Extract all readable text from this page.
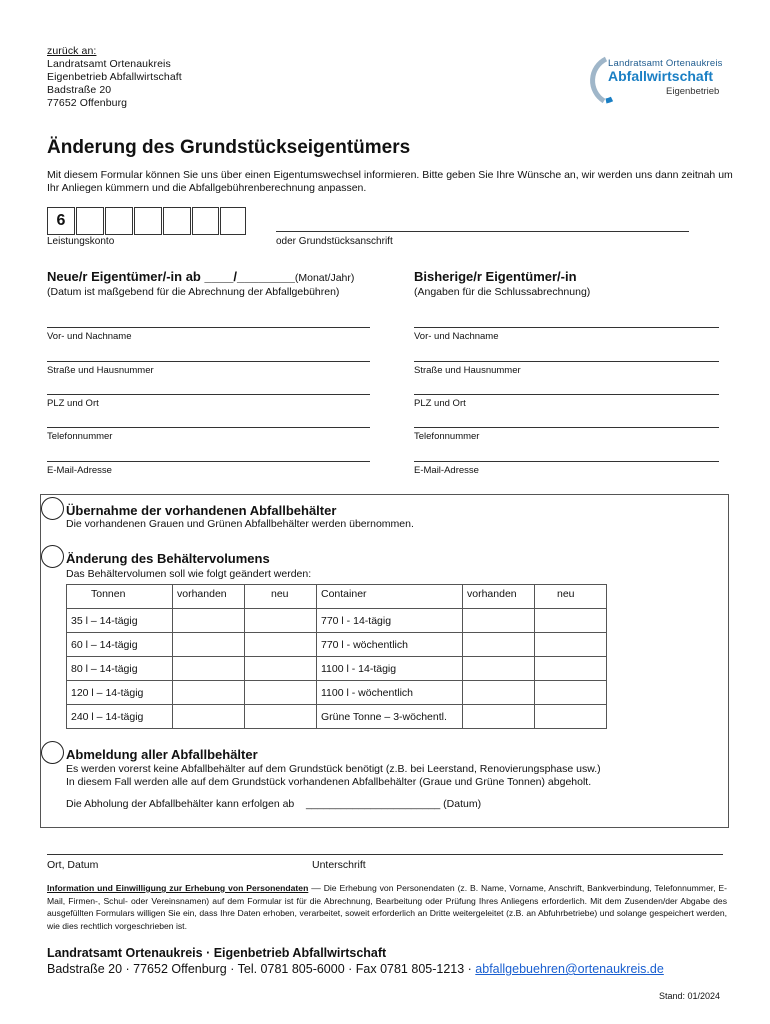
zurück an:
Landratsamt Ortenaukreis
Eigenbetrieb Abfallwirtschaft
Badstraße 20
77652 Offenburg
Landratsamt Ortenaukreis
Abfallwirtschaft
Eigenbetrieb
Änderung des Grundstückseigentümers
Mit diesem Formular können Sie uns über einen Eigentumswechsel informieren. Bitte geben Sie Ihre Wünsche an, wir werden uns dann zeitnah um Ihr Anliegen kümmern und die Abfallgebührenberechnung anpassen.
6
Leistungskonto	oder Grundstücksanschrift
Neue/r Eigentümer/-in ab ____/________(Monat/Jahr)
(Datum ist maßgebend für die Abrechnung der Abfallgebühren)
Vor- und Nachname
Straße und Hausnummer
PLZ und Ort
Telefonnummer
E-Mail-Adresse
Bisherige/r Eigentümer/-in
(Angaben für die Schlussabrechnung)
Vor- und Nachname
Straße und Hausnummer
PLZ und Ort
Telefonnummer
E-Mail-Adresse
Übernahme der vorhandenen Abfallbehälter
Die vorhandenen Grauen und Grünen Abfallbehälter werden übernommen.
Änderung des Behältervolumens
Das Behältervolumen soll wie folgt geändert werden:
Tonnen	vorhanden	neu	Container	vorhanden	neu
35 l – 14-tägig			770 l - 14-tägig		
60 l – 14-tägig			770 l - wöchentlich		
80 l – 14-tägig			1100 l - 14-tägig		
120 l – 14-tägig			1100 l - wöchentlich		
240 l – 14-tägig			Grüne Tonne – 3-wöchentl.		
Abmeldung aller Abfallbehälter
Es werden vorerst keine Abfallbehälter auf dem Grundstück benötigt (z.B. bei Leerstand, Renovierungsphase usw.)
In diesem Fall werden alle auf dem Grundstück vorhandenen Abfallbehälter (Graue und Grüne Tonnen) abgeholt.
Die Abholung der Abfallbehälter kann erfolgen ab _______________________ (Datum)
Ort, Datum	Unterschrift
Information und Einwilligung zur Erhebung von Personendaten –– Die Erhebung von Personendaten (z. B. Name, Vorname, Anschrift, Bankverbindung, Telefonnummer, E-Mail, Firmen-, Schul- oder Vereinsnamen) auf dem Formular ist für die Abrechnung, Bearbeitung oder Prüfung Ihres Anliegens erforderlich. Mit dem Zusenden/der Abgabe des ausgefüllten Formulars willigen Sie ein, dass Ihre Daten erhoben, verarbeitet, soweit erforderlich an Dritte weitergeleitet (z.B. an Abfuhrbetriebe) und solange gespeichert werden, wie dies rechtlich vorgeschrieben ist.
Landratsamt Ortenaukreis · Eigenbetrieb Abfallwirtschaft
Badstraße 20 · 77652 Offenburg · Tel. 0781 805-6000 · Fax 0781 805-1213 · abfallgebuehren@ortenaukreis.de
Stand: 01/2024
